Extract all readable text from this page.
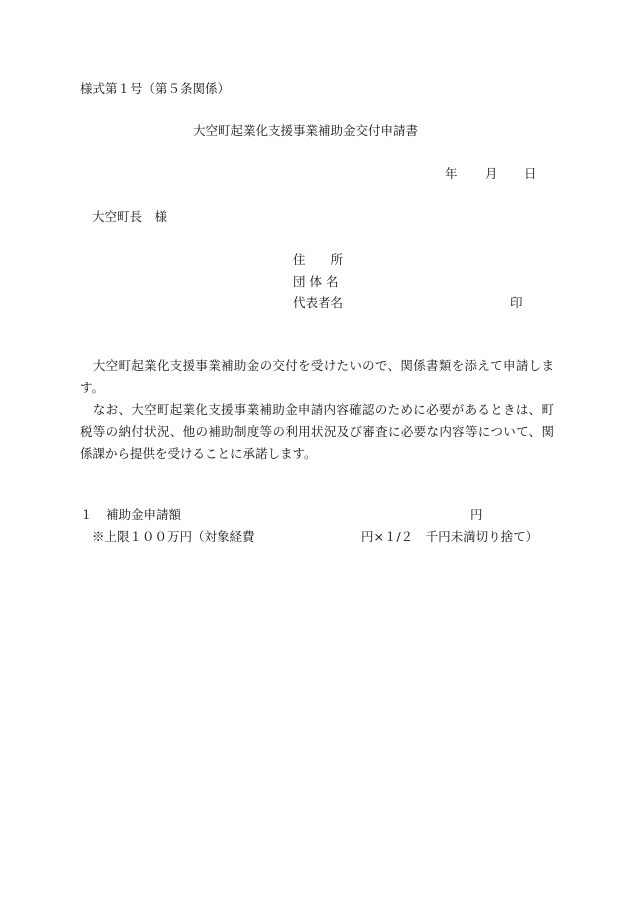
様式第１号（第５条関係）
大空町起業化支援事業補助金交付申請書
年 月 日
大空町長　様
住　　所
団 体 名
代表者名	印
　大空町起業化支援事業補助金の交付を受けたいので、関係書類を添えて申請します。
　なお、大空町起業化支援事業補助金申請内容確認のために必要があるときは、町税等の納付状況、他の補助制度等の利用状況及び審査に必要な内容等について、関係課から提供を受けることに承諾します。
１ 補助金申請額	円
※上限１００万円（対象経費	円×１/２　千円未満切り捨て）
